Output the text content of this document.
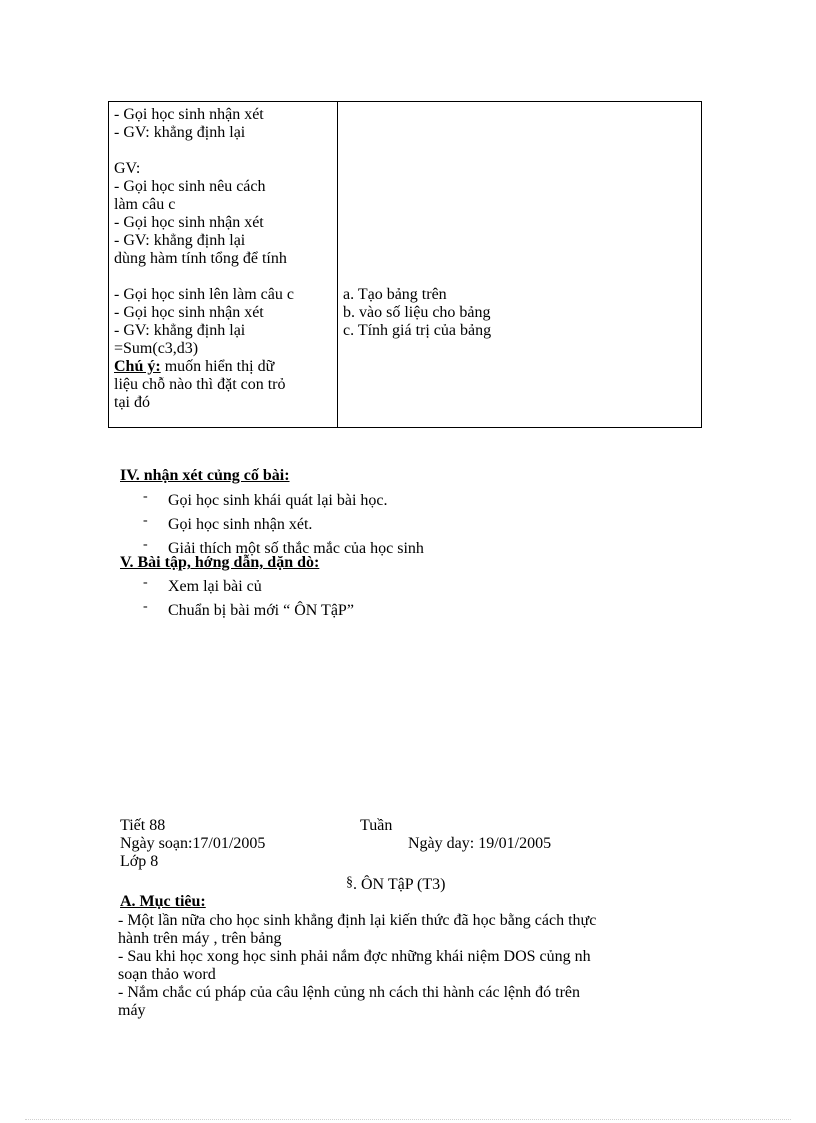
- Gọi học sinh nhận xét
- GV: khẳng định lại

GV:
- Gọi học sinh nêu cách
làm câu c
- Gọi học sinh nhận xét
- GV: khẳng định lại
dùng hàm tính tổng để tính

- Gọi học sinh lên làm câu c
- Gọi học sinh nhận xét
- GV: khẳng định lại
=Sum(c3,d3)
Chú ý: muốn hiển thị dữ
liệu chỗ nào thì đặt con trỏ
tại đó
a. Tạo bảng trên
b. vào số liệu cho bảng
c. Tính giá trị của bảng
IV. nhận xét củng cố bài:
- Gọi học sinh khái quát lại bài học.
- Gọi học sinh nhận xét.
- Giải thích một số thắc mắc của học sinh
V. Bài tập, hớng dẫn, dặn dò:
- Xem lại bài củ
- Chuẩn bị bài mới “ ÔN TậP”
Tiết 88	Tuần
Ngày soạn:17/01/2005	Ngày day: 19/01/2005
Lớp 8
§. ÔN TậP (T3)
A. Mục tiêu:
- Một lần nữa cho học sinh khẳng định lại kiến thức đã học bằng cách thực
hành trên máy , trên bảng
- Sau khi học xong học sinh phải nắm đợc những khái niệm DOS củng nh
soạn thảo word
- Nắm chắc cú pháp của câu lệnh củng nh cách thi hành các lệnh đó trên
máy
